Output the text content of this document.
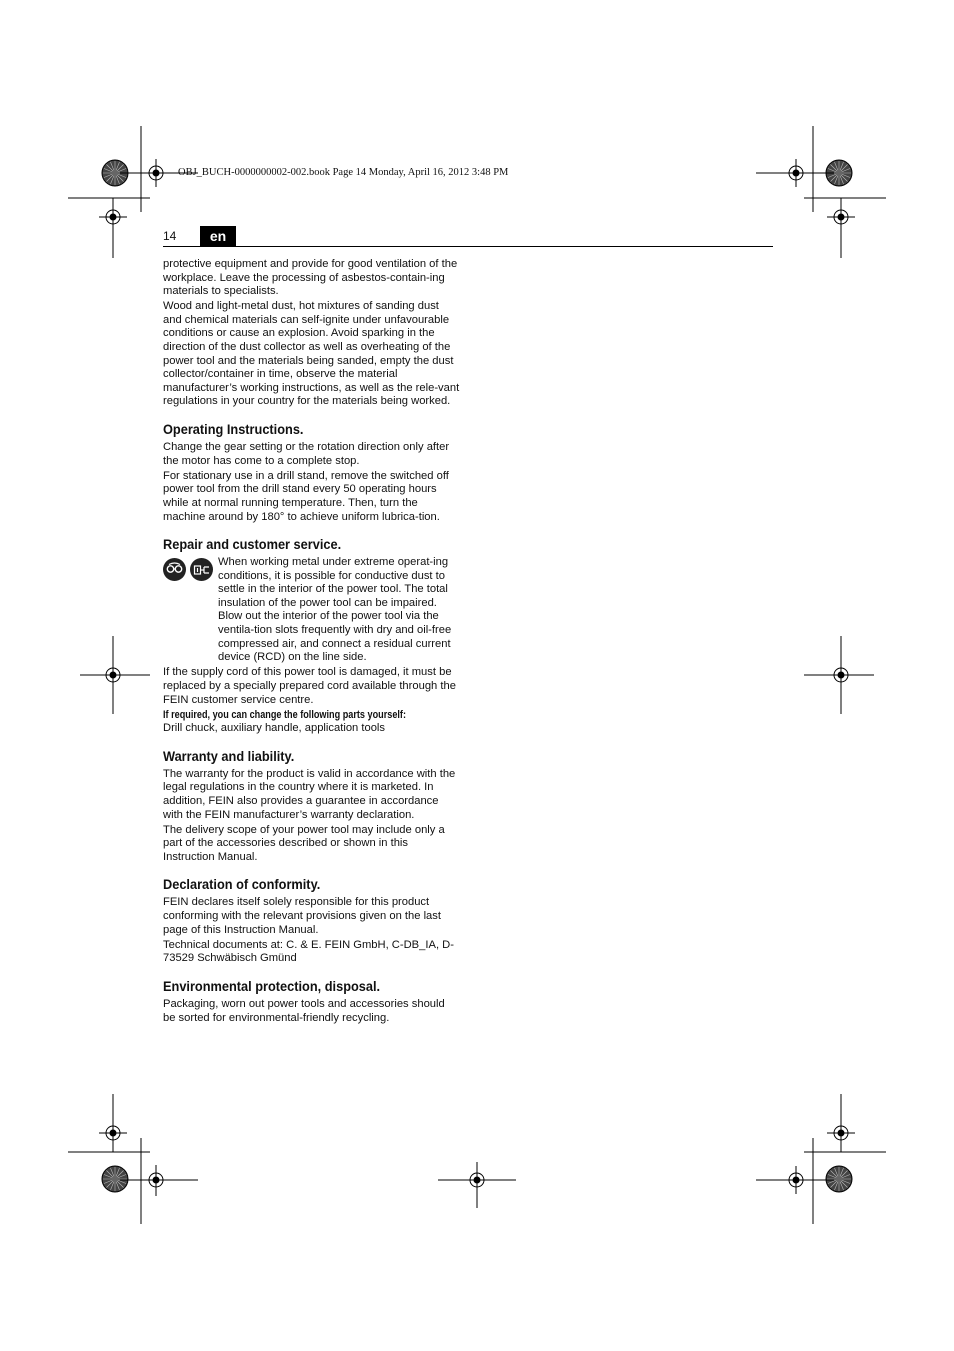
OBJ_BUCH-0000000002-002.book Page 14 Monday, April 16, 2012 3:48 PM
14	en

protective equipment and provide for good ventilation of the workplace. Leave the processing of asbestos-contain-ing materials to specialists.

Wood and light-metal dust, hot mixtures of sanding dust and chemical materials can self-ignite under unfavourable conditions or cause an explosion. Avoid sparking in the direction of the dust collector as well as overheating of the power tool and the materials being sanded, empty the dust collector/container in time, observe the material manufacturer’s working instructions, as well as the rele-vant regulations in your country for the materials being worked.

Operating Instructions.

Change the gear setting or the rotation direction only after the motor has come to a complete stop.

For stationary use in a drill stand, remove the switched off power tool from the drill stand every 50 operating hours while at normal running temperature. Then, turn the machine around by 180° to achieve uniform lubrica-tion.

Repair and customer service.

When working metal under extreme operat-ing conditions, it is possible for conductive dust to settle in the interior of the power tool. The total insulation of the power tool can be impaired. Blow out the interior of the power tool via the ventila-tion slots frequently with dry and oil-free compressed air, and connect a residual current device (RCD) on the line side.

If the supply cord of this power tool is damaged, it must be replaced by a specially prepared cord available through the FEIN customer service centre.

If required, you can change the following parts yourself:

Drill chuck, auxiliary handle, application tools

Warranty and liability.

The warranty for the product is valid in accordance with the legal regulations in the country where it is marketed. In addition, FEIN also provides a guarantee in accordance with the FEIN manufacturer’s warranty declaration.

The delivery scope of your power tool may include only a part of the accessories described or shown in this Instruction Manual.

Declaration of conformity.

FEIN declares itself solely responsible for this product conforming with the relevant provisions given on the last page of this Instruction Manual.

Technical documents at: C. & E. FEIN GmbH, C-DB_IA, D-73529 Schwäbisch Gmünd

Environmental protection, disposal.

Packaging, worn out power tools and accessories should be sorted for environmental-friendly recycling.
